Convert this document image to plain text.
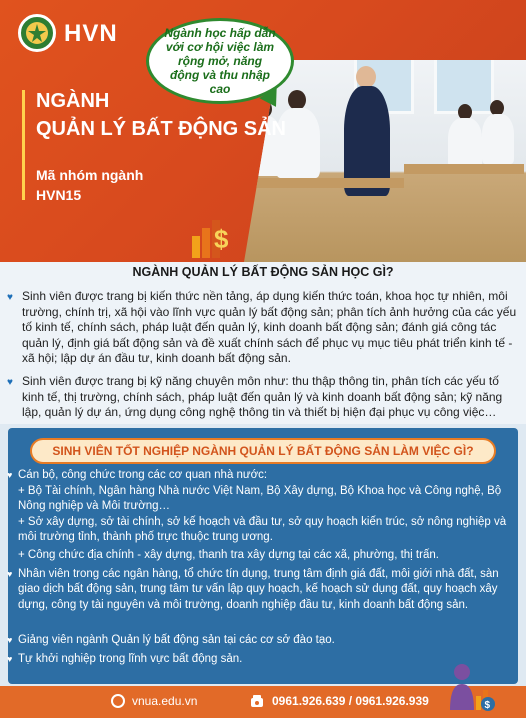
HVN
NGÀNH
QUẢN LÝ BẤT ĐỘNG SẢN
Mã nhóm ngành
HVN15
$
Ngành học hấp dẫn với cơ hội việc làm rộng mở, năng động và thu nhập cao
NGÀNH QUẢN LÝ BẤT ĐỘNG SẢN HỌC GÌ?
♥ Sinh viên được trang bị kiến thức nền tảng, áp dụng kiến thức toán, khoa học tự nhiên, môi trường, chính trị, xã hội vào lĩnh vực quản lý bất động sản; phân tích ảnh hưởng của các yếu tố kinh tế, chính sách, pháp luật đến quản lý, kinh doanh bất động sản; đánh giá công tác quản lý, định giá bất động sản và đề xuất chính sách để phục vụ mục tiêu phát triển kinh tế - xã hội; lập dự án đầu tư, kinh doanh bất động sản.
♥ Sinh viên được trang bị kỹ năng chuyên môn như: thu thập thông tin, phân tích các yếu tố kinh tế, thị trường, chính sách, pháp luật đến quản lý và kinh doanh bất động sản; kỹ năng lập, quản lý dự án, ứng dụng công nghệ thông tin và thiết bị hiện đại phục vụ công việc…
SINH VIÊN TỐT NGHIỆP NGÀNH QUẢN LÝ BẤT ĐỘNG SẢN LÀM VIỆC GÌ?
♥ Cán bộ, công chức trong các cơ quan nhà nước:
+ Bộ Tài chính, Ngân hàng Nhà nước Việt Nam, Bộ Xây dựng, Bộ Khoa học và Công nghệ, Bộ Nông nghiệp và Môi trường…
+ Sở xây dựng, sở tài chính, sở kế hoạch và đầu tư, sở quy hoạch kiến trúc, sở nông nghiệp và môi trường tỉnh, thành phố trực thuộc trung ương.
+ Công chức địa chính - xây dựng, thanh tra xây dựng tại các xã, phường, thị trấn.
♥ Nhân viên trong các ngân hàng, tổ chức tín dụng, trung tâm định giá đất, môi giới nhà đất, sàn giao dịch bất động sản, trung tâm tư vấn lập quy hoạch, kế hoạch sử dụng đất, quy hoạch xây dựng, công ty tài nguyên và môi trường, doanh nghiệp đầu tư, kinh doanh bất động sản.
♥ Giảng viên ngành Quản lý bất động sản tại các cơ sở đào tạo.
♥ Tự khởi nghiệp trong lĩnh vực bất động sản.
vnua.edu.vn	0961.926.639 / 0961.926.939	$
